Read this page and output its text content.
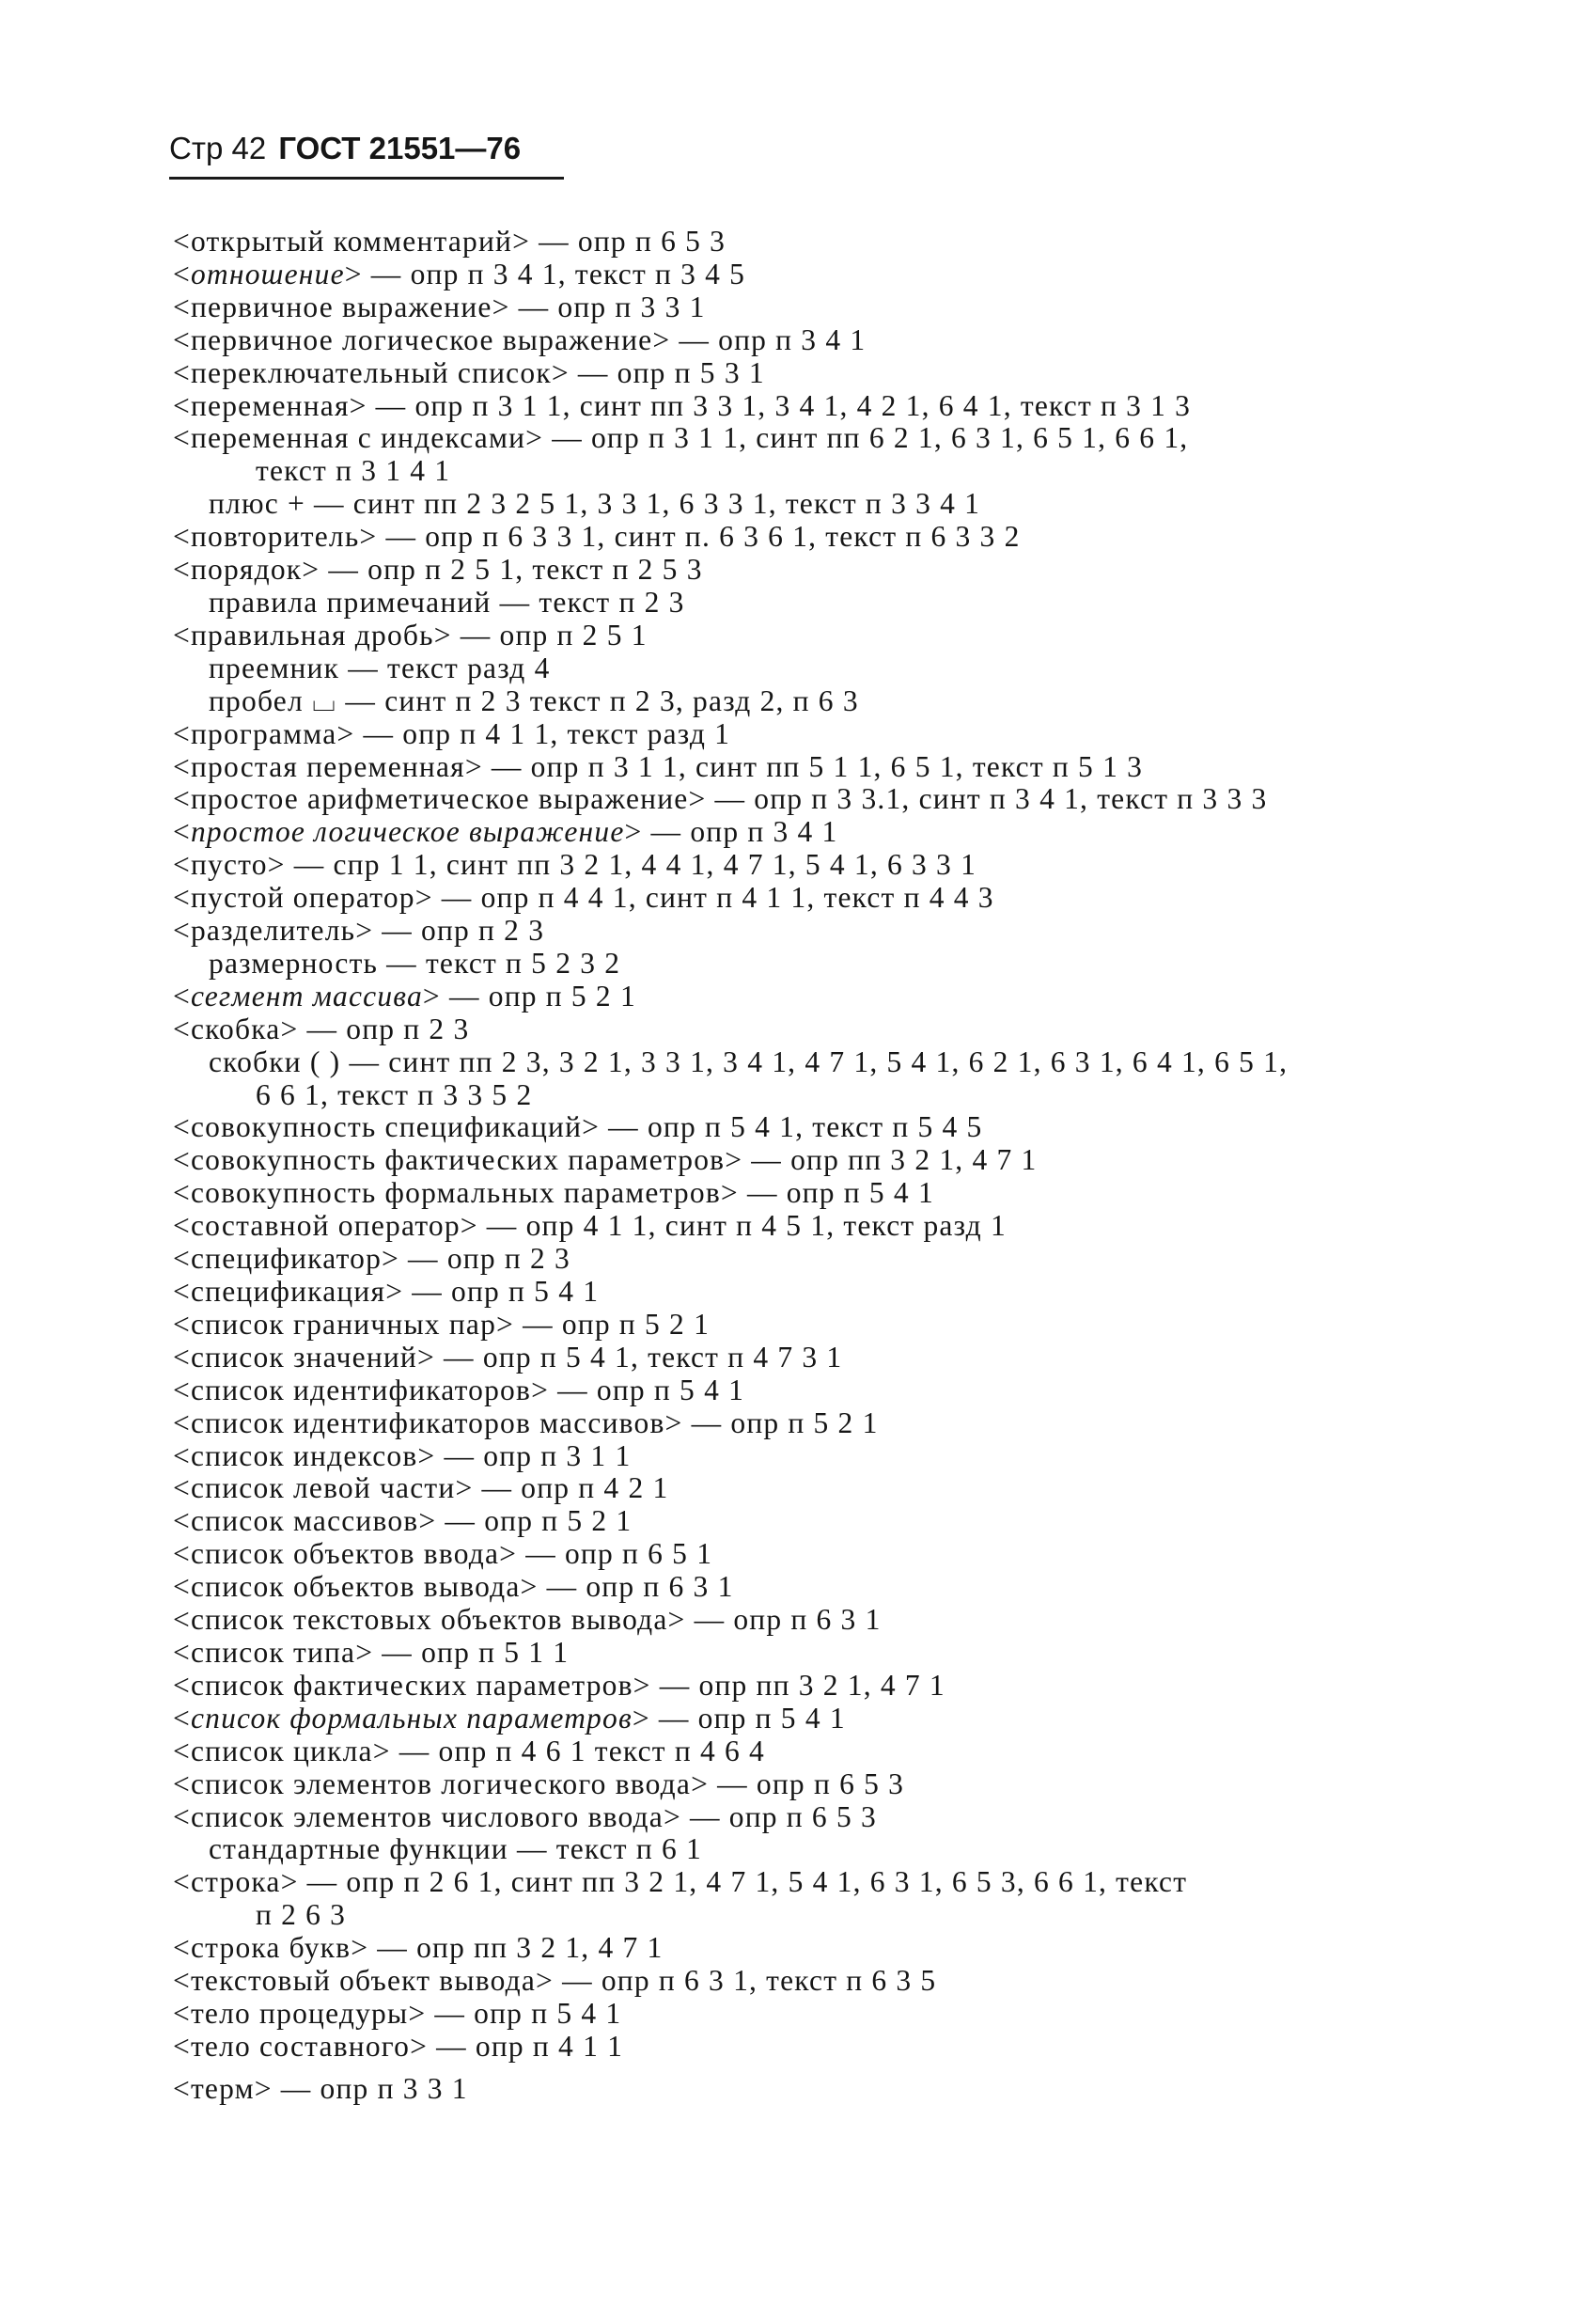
Стр 42 ГОСТ 21551—76
<открытый комментарий> — опр п 6 5 3
<отношение> — опр п 3 4 1, текст п 3 4 5
<первичное выражение> — опр п 3 3 1
<первичное логическое выражение> — опр п 3 4 1
<переключательный список> — опр п 5 3 1
<переменная> — опр п 3 1 1, синт пп 3 3 1, 3 4 1, 4 2 1, 6 4 1, текст п 3 1 3
<переменная с индексами> — опр п 3 1 1, синт пп 6 2 1, 6 3 1, 6 5 1, 6 6 1,
текст п 3 1 4 1
плюс + — синт пп 2 3 2 5 1, 3 3 1, 6 3 3 1, текст п 3 3 4 1
<повторитель> — опр п 6 3 3 1, синт п. 6 3 6 1, текст п 6 3 3 2
<порядок> — опр п 2 5 1, текст п 2 5 3
правила примечаний — текст п 2 3
<правильная дробь> — опр п 2 5 1
преемник — текст разд 4
пробел ⌴ — синт п 2 3 текст п 2 3, разд 2, п 6 3
<программа> — опр п 4 1 1, текст разд 1
<простая переменная> — опр п 3 1 1, синт пп 5 1 1, 6 5 1, текст п 5 1 3
<простое арифметическое выражение> — опр п 3 3.1, синт п 3 4 1, текст п 3 3 3
<простое логическое выражение> — опр п 3 4 1
<пусто> — спр 1 1, синт пп 3 2 1, 4 4 1, 4 7 1, 5 4 1, 6 3 3 1
<пустой оператор> — опр п 4 4 1, синт п 4 1 1, текст п 4 4 3
<разделитель> — опр п 2 3
размерность — текст п 5 2 3 2
<сегмент массива> — опр п 5 2 1
<скобка> — опр п 2 3
скобки ( ) — синт пп 2 3, 3 2 1, 3 3 1, 3 4 1, 4 7 1, 5 4 1, 6 2 1, 6 3 1, 6 4 1, 6 5 1,
6 6 1, текст п 3 3 5 2
<совокупность спецификаций> — опр п 5 4 1, текст п 5 4 5
<совокупность фактических параметров> — опр пп 3 2 1, 4 7 1
<совокупность формальных параметров> — опр п 5 4 1
<составной оператор> — опр 4 1 1, синт п 4 5 1, текст разд 1
<спецификатор> — опр п 2 3
<спецификация> — опр п 5 4 1
<список граничных пар> — опр п 5 2 1
<список значений> — опр п 5 4 1, текст п 4 7 3 1
<список идентификаторов> — опр п 5 4 1
<список идентификаторов массивов> — опр п 5 2 1
<список индексов> — опр п 3 1 1
<список левой части> — опр п 4 2 1
<список массивов> — опр п 5 2 1
<список объектов ввода> — опр п 6 5 1
<список объектов вывода> — опр п 6 3 1
<список текстовых объектов вывода> — опр п 6 3 1
<список типа> — опр п 5 1 1
<список фактических параметров> — опр пп 3 2 1, 4 7 1
<список формальных параметров> — опр п 5 4 1
<список цикла> — опр п 4 6 1 текст п 4 6 4
<список элементов логического ввода> — опр п 6 5 3
<список элементов числового ввода> — опр п 6 5 3
стандартные функции — текст п 6 1
<строка> — опр п 2 6 1, синт пп 3 2 1, 4 7 1, 5 4 1, 6 3 1, 6 5 3, 6 6 1, текст
п 2 6 3
<строка букв> — опр пп 3 2 1, 4 7 1
<текстовый объект вывода> — опр п 6 3 1, текст п 6 3 5
<тело процедуры> — опр п 5 4 1
<тело составного> — опр п 4 1 1
<терм> — опр п 3 3 1
